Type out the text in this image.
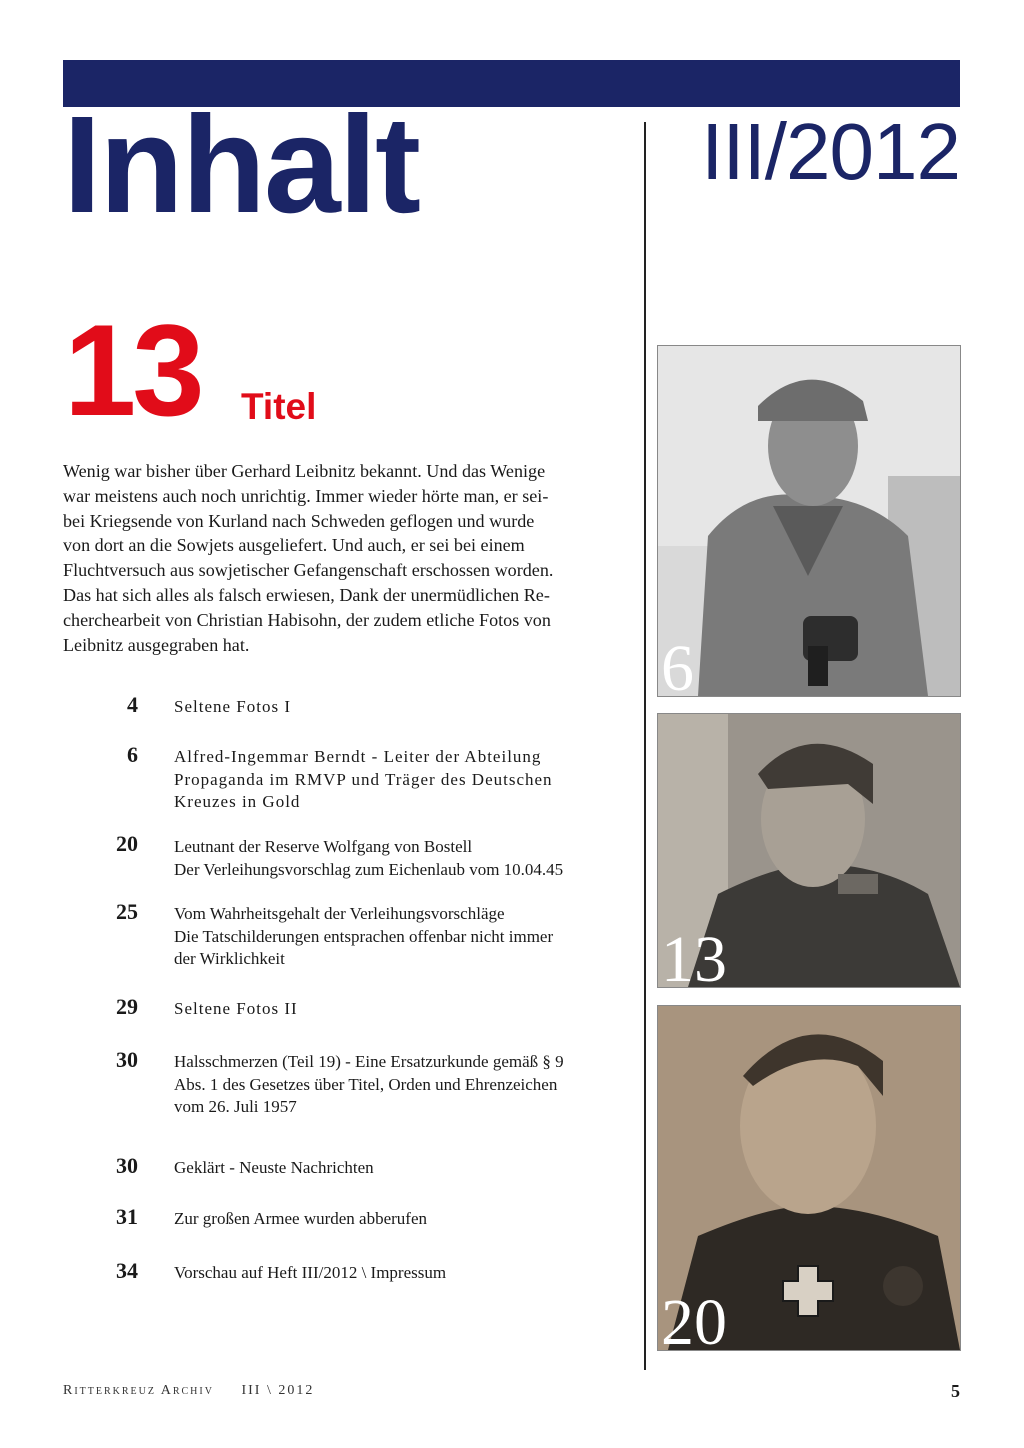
Inhalt	III/2012
13 Titel
Wenig war bisher über Gerhard Leibnitz bekannt. Und das Wenige
war meistens auch noch unrichtig. Immer wieder hörte man, er sei-
bei Kriegsende von Kurland nach Schweden geflogen und wurde
von dort an die Sowjets ausgeliefert. Und auch, er sei bei einem
Fluchtversuch aus sowjetischer Gefangenschaft erschossen worden.
Das hat sich alles als falsch erwiesen, Dank der unermüdlichen Re-
cherchearbeit von Christian Habisohn, der zudem etliche Fotos von
Leibnitz ausgegraben hat.
4 Seltene Fotos I
6 Alfred-Ingemmar Berndt - Leiter der Abteilung
Propaganda im RMVP und Träger des Deutschen
Kreuzes in Gold
20 Leutnant der Reserve Wolfgang von Bostell
Der Verleihungsvorschlag zum Eichenlaub vom 10.04.45
25 Vom Wahrheitsgehalt der Verleihungsvorschläge
Die Tatschilderungen entsprachen offenbar nicht immer
der Wirklichkeit
29 Seltene Fotos II
30 Halsschmerzen (Teil 19) - Eine Ersatzurkunde gemäß § 9
Abs. 1 des Gesetzes über Titel, Orden und Ehrenzeichen
vom 26. Juli 1957
30 Geklärt - Neuste Nachrichten
31 Zur großen Armee wurden abberufen
34 Vorschau auf Heft III/2012 \ Impressum
6
13
20
Ritterkreuz Archiv III \ 2012	5
